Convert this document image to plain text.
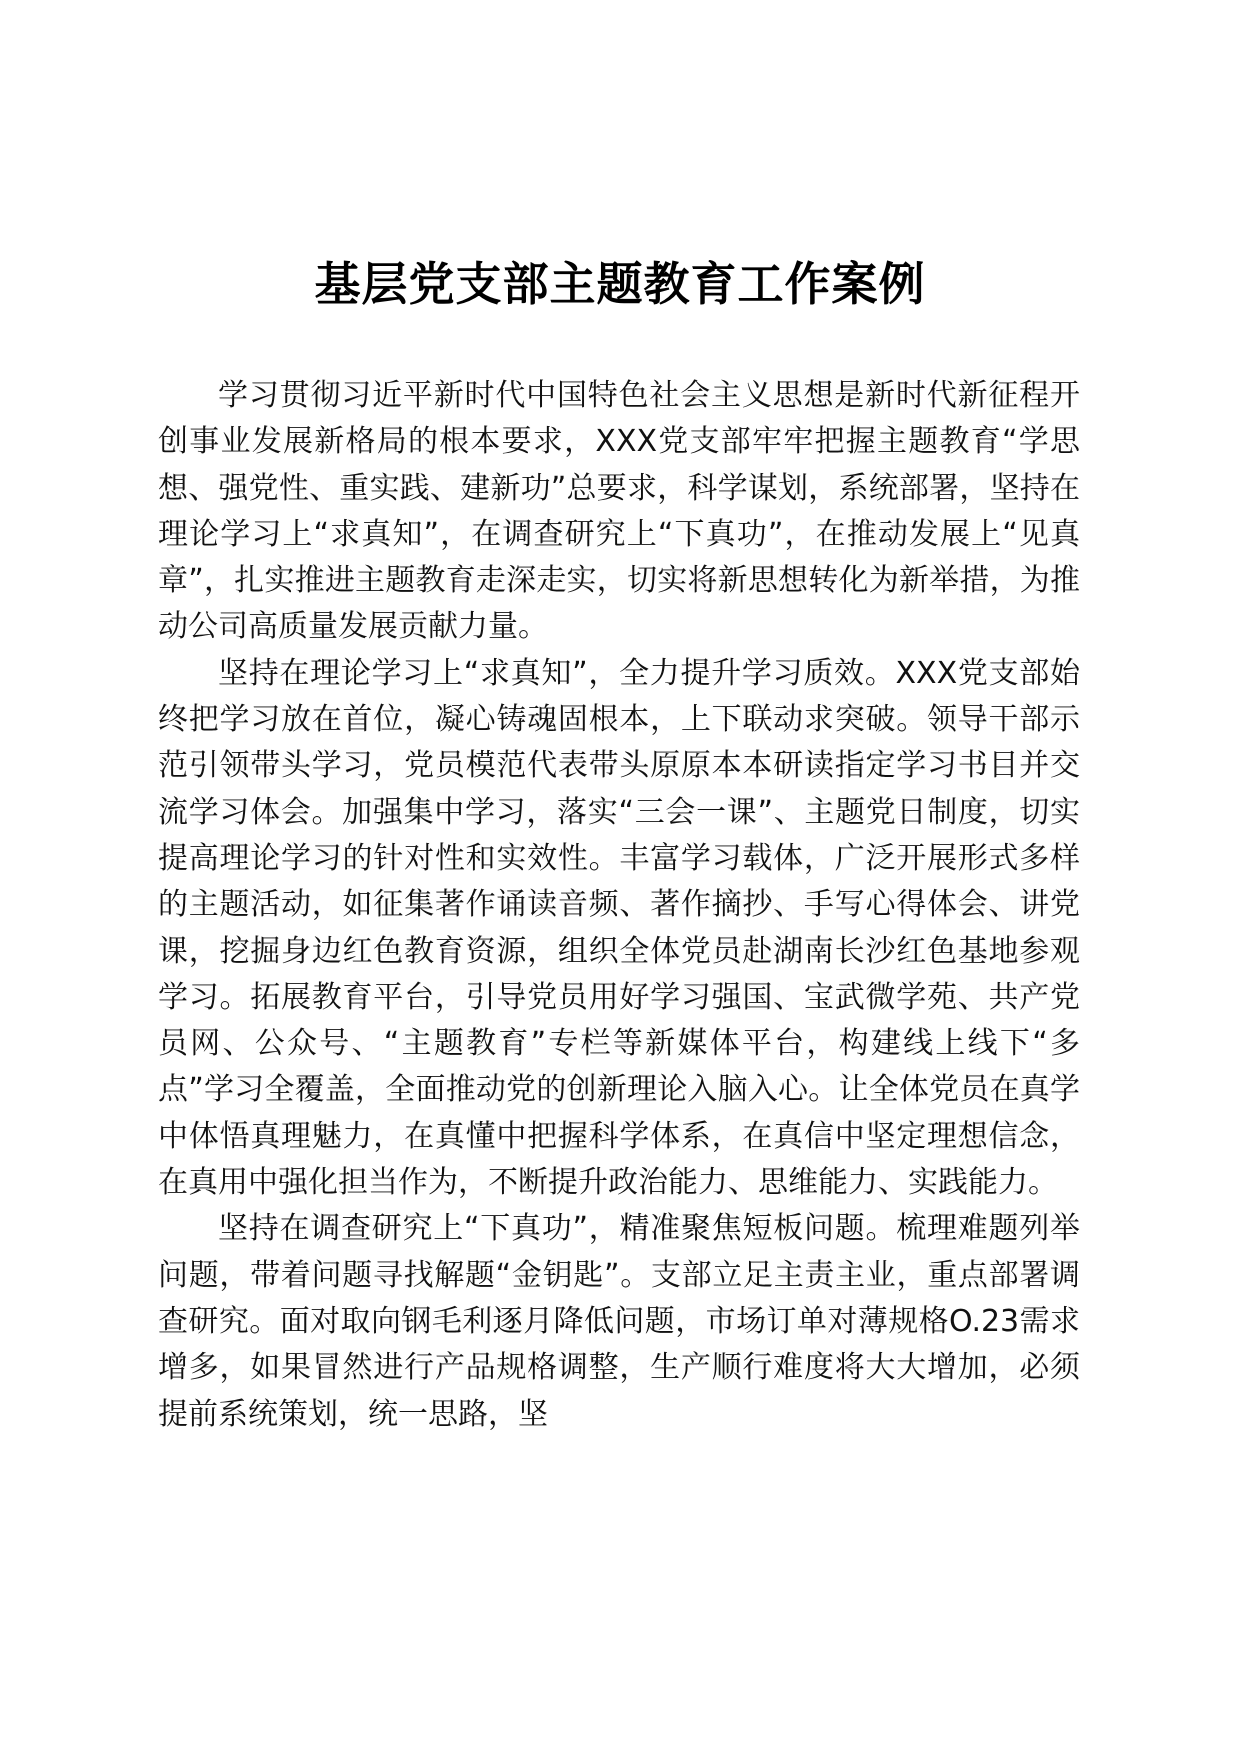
基层党支部主题教育工作案例

学习贯彻习近平新时代中国特色社会主义思想是新时代新征程开创事业发展新格局的根本要求，XXX党支部牢牢把握主题教育“学思想、强党性、重实践、建新功”总要求，科学谋划，系统部署，坚持在理论学习上“求真知”，在调查研究上“下真功”，在推动发展上“见真章”，扎实推进主题教育走深走实，切实将新思想转化为新举措，为推动公司高质量发展贡献力量。

坚持在理论学习上“求真知”，全力提升学习质效。XXX党支部始终把学习放在首位，凝心铸魂固根本，上下联动求突破。领导干部示范引领带头学习，党员模范代表带头原原本本研读指定学习书目并交流学习体会。加强集中学习，落实“三会一课”、主题党日制度，切实提高理论学习的针对性和实效性。丰富学习载体，广泛开展形式多样的主题活动，如征集著作诵读音频、著作摘抄、手写心得体会、讲党课，挖掘身边红色教育资源，组织全体党员赴湖南长沙红色基地参观学习。拓展教育平台，引导党员用好学习强国、宝武微学苑、共产党员网、公众号、“主题教育”专栏等新媒体平台，构建线上线下“多点”学习全覆盖，全面推动党的创新理论入脑入心。让全体党员在真学中体悟真理魅力，在真懂中把握科学体系，在真信中坚定理想信念，在真用中强化担当作为，不断提升政治能力、思维能力、实践能力。

坚持在调查研究上“下真功”，精准聚焦短板问题。梳理难题列举问题，带着问题寻找解题“金钥匙”。支部立足主责主业，重点部署调查研究。面对取向钢毛利逐月降低问题，市场订单对薄规格O.23需求增多，如果冒然进行产品规格调整，生产顺行难度将大大增加，必须提前系统策划，统一思路，坚
